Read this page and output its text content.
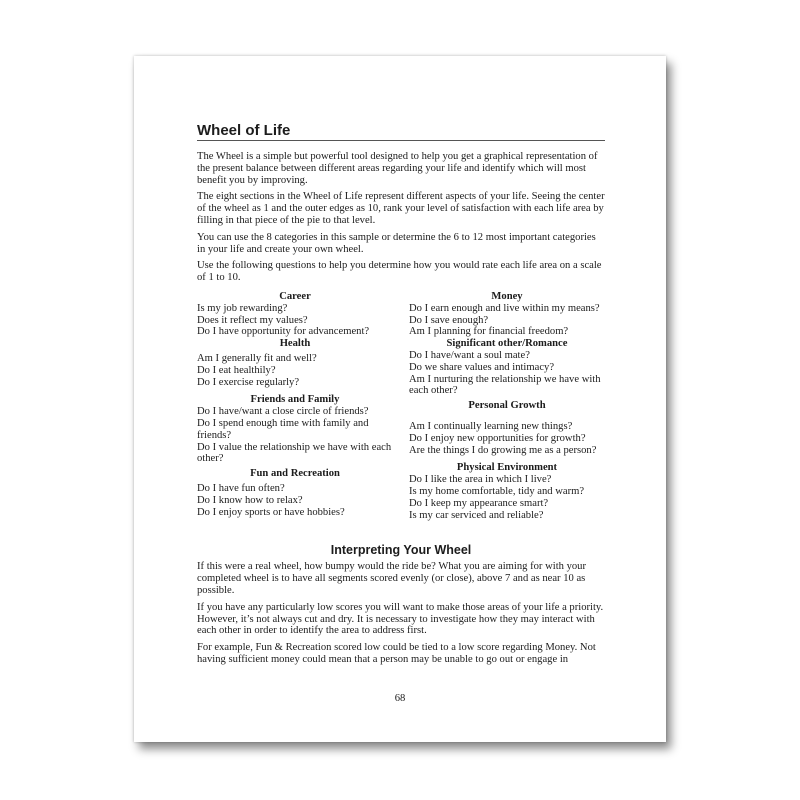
Wheel of Life

The Wheel is a simple but powerful tool designed to help you get a graphical representation of the present balance between different areas regarding your life and identify which will most benefit you by improving.

The eight sections in the Wheel of Life represent different aspects of your life. Seeing the center of the wheel as 1 and the outer edges as 10, rank your level of satisfaction with each life area by filling in that piece of the pie to that level.

You can use the 8 categories in this sample or determine the 6 to 12 most important categories in your life and create your own wheel.

Use the following questions to help you determine how you would rate each life area on a scale of 1 to 10.

Career
Is my job rewarding?
Does it reflect my values?
Do I have opportunity for advancement?
Health
Am I generally fit and well?
Do I eat healthily?
Do I exercise regularly?
Friends and Family
Do I have/want a close circle of friends?
Do I spend enough time with family and friends?
Do I value the relationship we have with each other?
Fun and Recreation
Do I have fun often?
Do I know how to relax?
Do I enjoy sports or have hobbies?
Money
Do I earn enough and live within my means?
Do I save enough?
Am I planning for financial freedom?
Significant other/Romance
Do I have/want a soul mate?
Do we share values and intimacy?
Am I nurturing the relationship we have with each other?
Personal Growth
Am I continually learning new things?
Do I enjoy new opportunities for growth?
Are the things I do growing me as a person?
Physical Environment
Do I like the area in which I live?
Is my home comfortable, tidy and warm?
Do I keep my appearance smart?
Is my car serviced and reliable?
Interpreting Your Wheel

If this were a real wheel, how bumpy would the ride be? What you are aiming for with your completed wheel is to have all segments scored evenly (or close), above 7 and as near 10 as possible.

If you have any particularly low scores you will want to make those areas of your life a priority. However, it’s not always cut and dry. It is necessary to investigate how they may interact with each other in order to identify the area to address first.

For example, Fun & Recreation scored low could be tied to a low score regarding Money. Not having sufficient money could mean that a person may be unable to go out or engage in

68
